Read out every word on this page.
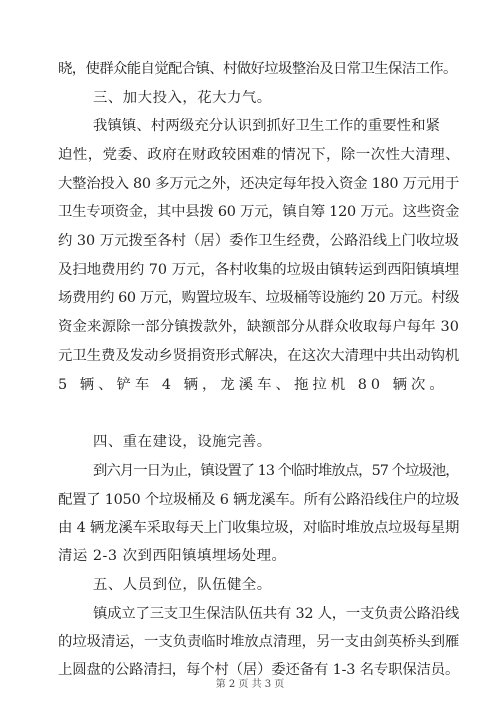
晓，使群众能自觉配合镇、村做好垃圾整治及日常卫生保洁工作。
三、加大投入，花大力气。
我镇镇、村两级充分认识到抓好卫生工作的重要性和紧
迫性，党委、政府在财政较困难的情况下，除一次性大清理、
大整治投入 80 多万元之外，还决定每年投入资金 180 万元用于
卫生专项资金，其中县拨 60 万元，镇自筹 120 万元。这些资金
约 30 万元拨至各村（居）委作卫生经费，公路沿线上门收垃圾
及扫地费用约 70 万元，各村收集的垃圾由镇转运到西阳镇填埋
场费用约 60 万元，购置垃圾车、垃圾桶等设施约 20 万元。村级
资金来源除一部分镇拨款外，缺额部分从群众收取每户每年 30
元卫生费及发动乡贤捐资形式解决，在这次大清理中共出动钩机
5 辆、铲车 4 辆，龙溪车、拖拉机 80 辆次。
四、重在建设，设施完善。
到六月一日为止，镇设置了 13 个临时堆放点，57 个垃圾池，
配置了 1050 个垃圾桶及 6 辆龙溪车。所有公路沿线住户的垃圾
由 4 辆龙溪车采取每天上门收集垃圾，对临时堆放点垃圾每星期
清运 2-3 次到西阳镇填埋场处理。
五、人员到位，队伍健全。
镇成立了三支卫生保洁队伍共有 32 人，一支负责公路沿线
的垃圾清运，一支负责临时堆放点清理，另一支由剑英桥头到雁
上圆盘的公路清扫，每个村（居）委还备有 1-3 名专职保洁员。
第 2 页 共 3 页
